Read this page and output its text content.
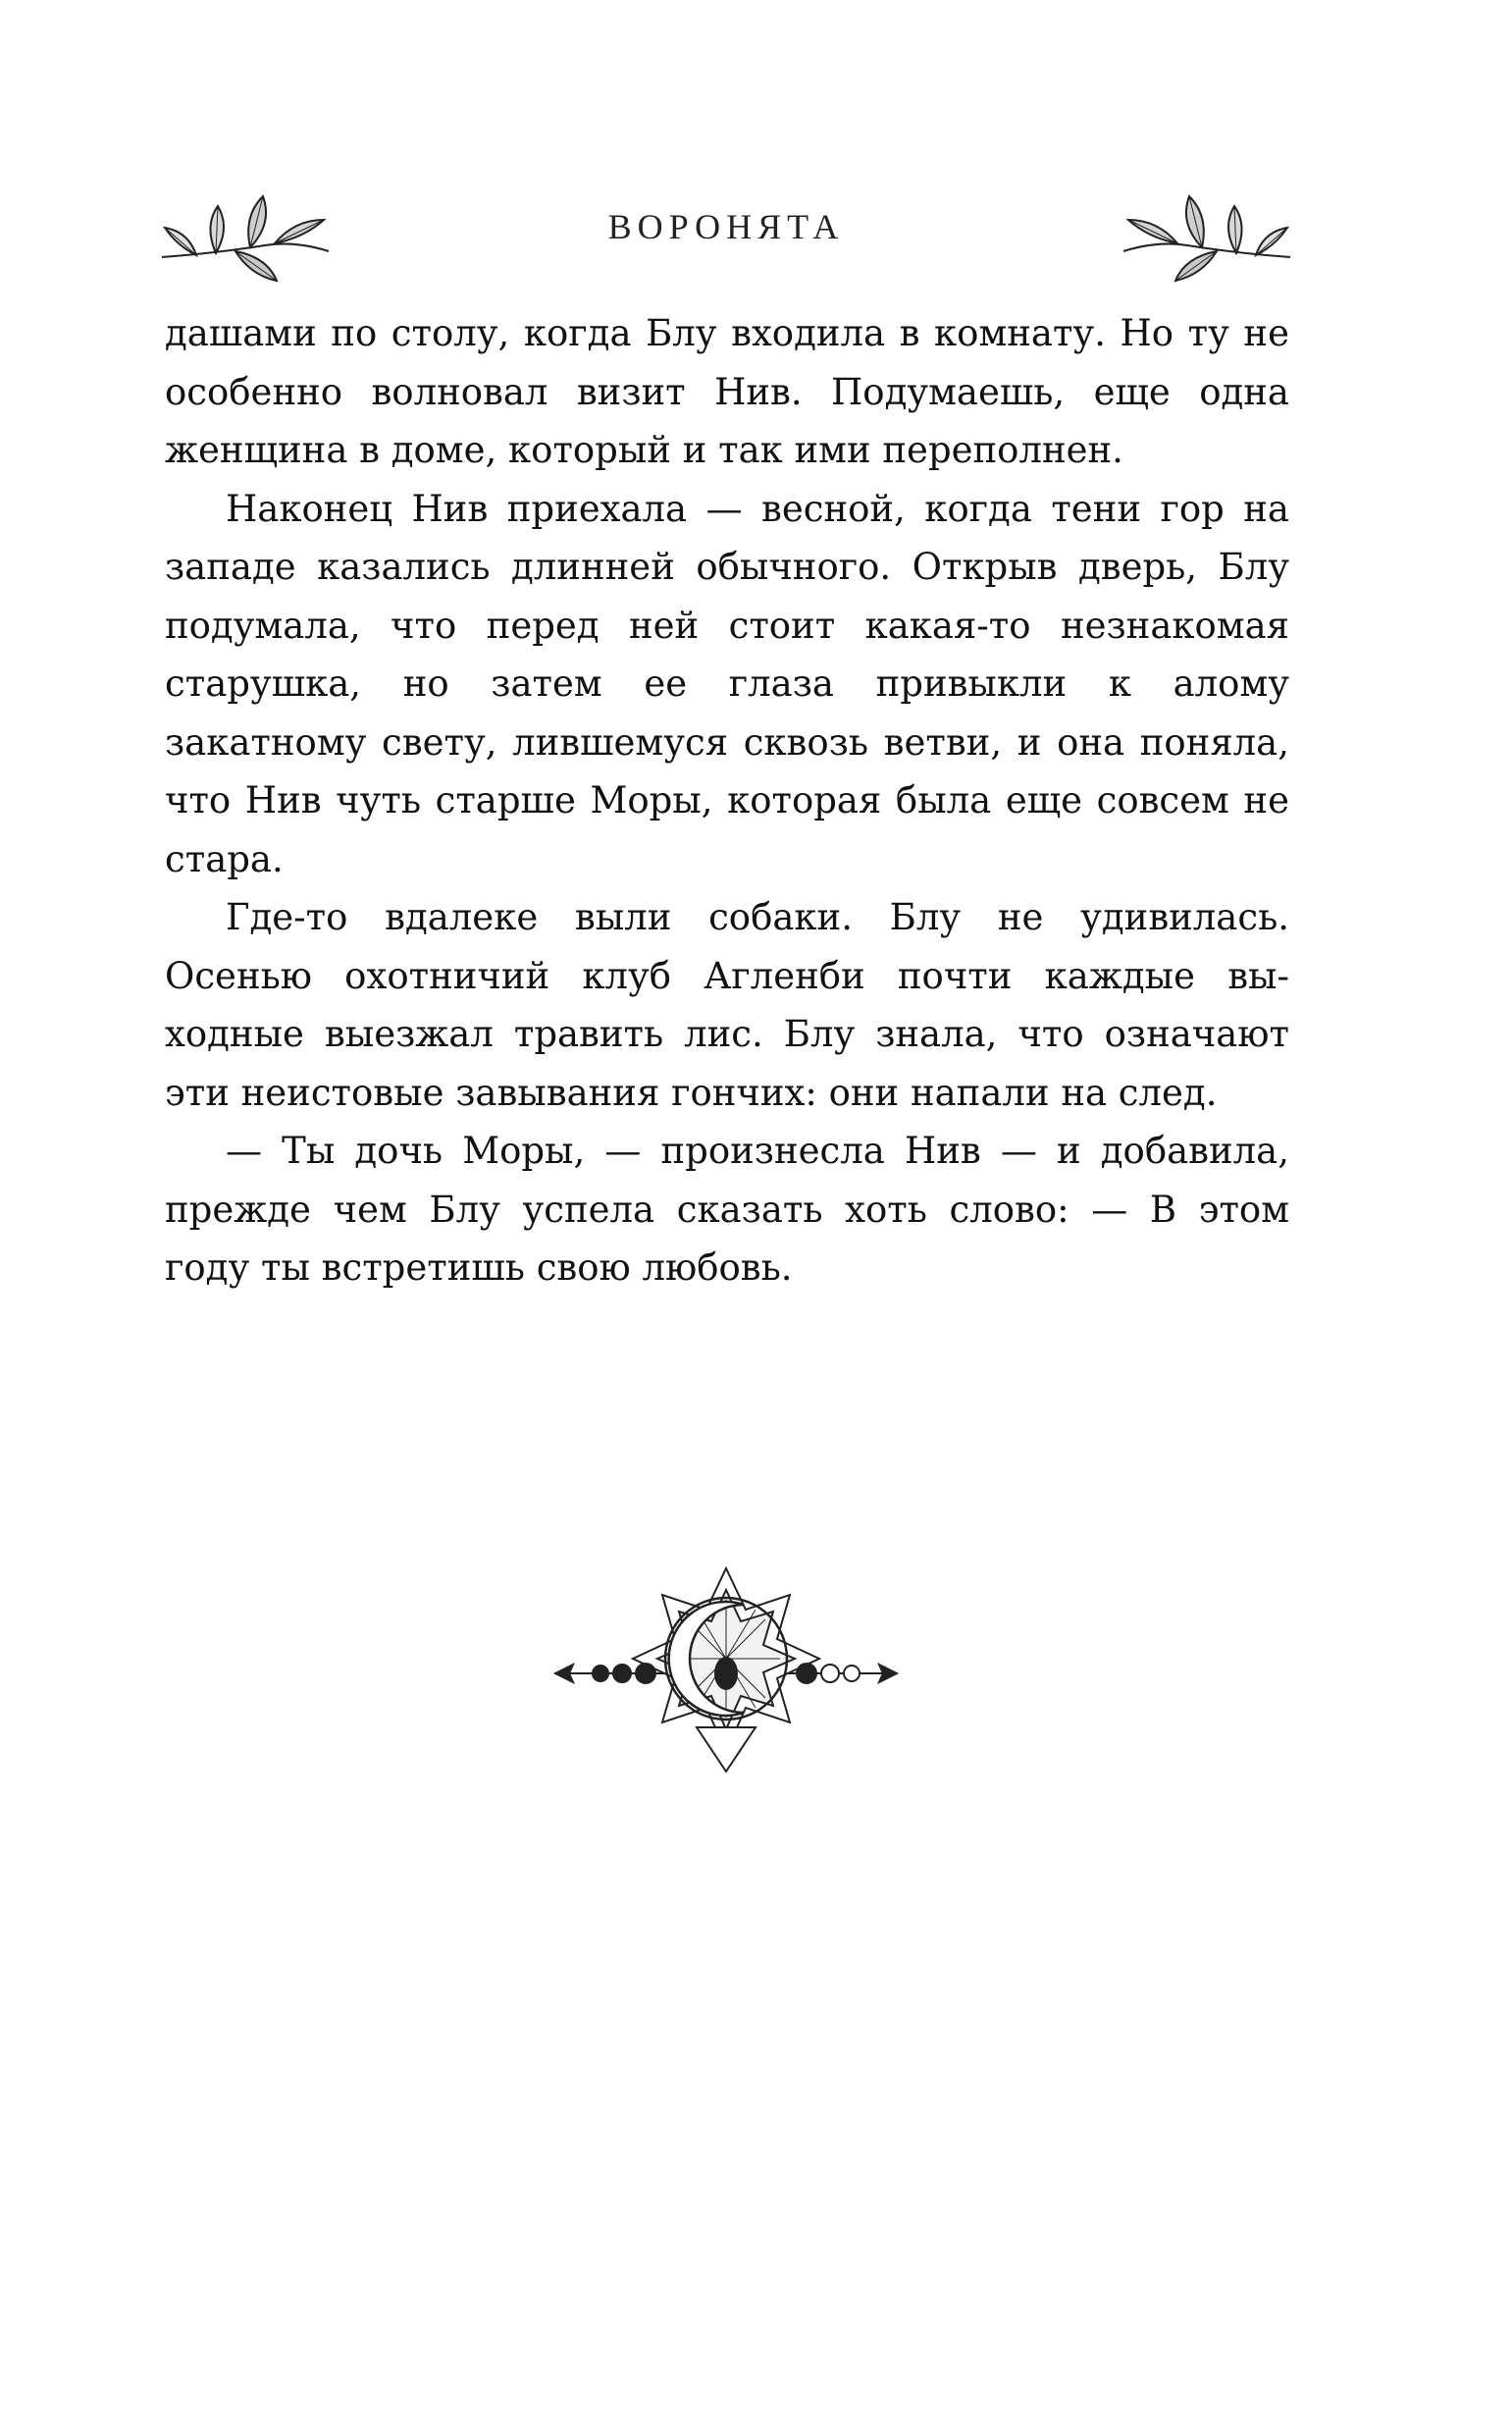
ВОРОНЯТА

дашами по столу, когда Блу входила в комнату. Но ту не особенно волновал визит Нив. Подумаешь, еще одна женщина в доме, который и так ими переполнен.

Наконец Нив приехала — весной, когда тени гор на западе казались длинней обычного. Открыв дверь, Блу подумала, что перед ней стоит какая-то незнакомая старушка, но затем ее глаза привыкли к алому закатному свету, лившемуся сквозь ветви, и она поняла, что Нив чуть старше Моры, которая была еще совсем не стара.

Где-то вдалеке выли собаки. Блу не удивилась. Осенью охотничий клуб Агленби почти каждые выходные выезжал травить лис. Блу знала, что означают эти неистовые завывания гончих: они напали на след.

— Ты дочь Моры, — произнесла Нив — и добавила, прежде чем Блу успела сказать хоть слово: — В этом году ты встретишь свою любовь.
